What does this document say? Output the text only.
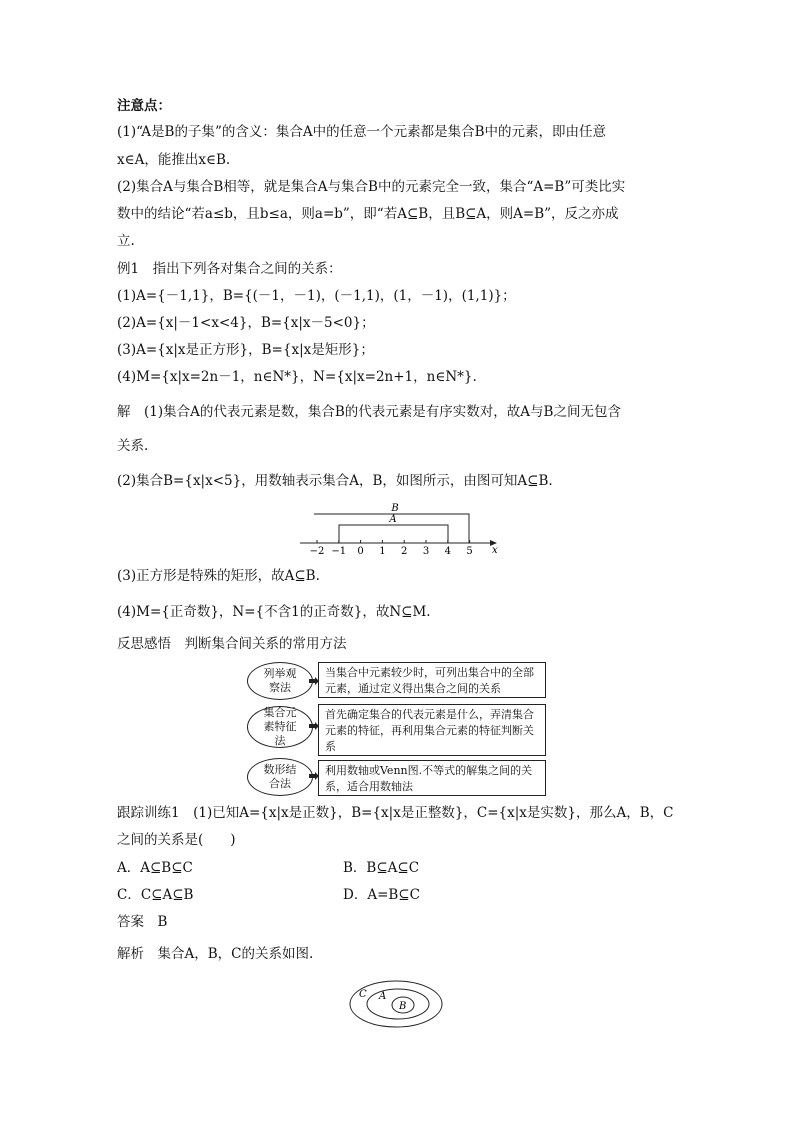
注意点：
(1)“A是B的子集”的含义：集合A中的任意一个元素都是集合B中的元素，即由任意
x∈A，能推出x∈B.
(2)集合A与集合B相等，就是集合A与集合B中的元素完全一致，集合“A=B”可类比实
数中的结论“若a≤b，且b≤a，则a=b”，即“若A⊆B，且B⊆A，则A=B”，反之亦成
立.
例1　指出下列各对集合之间的关系：
(1)A={－1,1}，B={(－1，－1)，(－1,1)，(1，－1)，(1,1)}；
(2)A={x|－1<x<4}，B={x|x－5<0}；
(3)A={x|x是正方形}，B={x|x是矩形}；
(4)M={x|x=2n－1，n∈N*}，N={x|x=2n+1，n∈N*}.
解　(1)集合A的代表元素是数，集合B的代表元素是有序实数对，故A与B之间无包含
关系.
(2)集合B={x|x<5}，用数轴表示集合A，B，如图所示，由图可知A⊆B.
B
A
x
−2 −1 0 1 2 3 4 5
(3)正方形是特殊的矩形，故A⊆B.
(4)M={正奇数}，N={不含1的正奇数}，故N⊆M.
反思感悟　判断集合间关系的常用方法
列举观察法
当集合中元素较少时，可列出集合中的全部元素，通过定义得出集合之间的关系
集合元素特征法
首先确定集合的代表元素是什么，弄清集合元素的特征，再利用集合元素的特征判断关系
数形结合法
利用数轴或Venn图.不等式的解集之间的关系，适合用数轴法
跟踪训练1　(1)已知A={x|x是正数}，B={x|x是正整数}，C={x|x是实数}，那么A，B，C
之间的关系是(　　)
A．A⊆B⊆C	B．B⊆A⊆C
C．C⊆A⊆B	D．A=B⊆C
答案　B
解析　集合A，B，C的关系如图.
C A
B
